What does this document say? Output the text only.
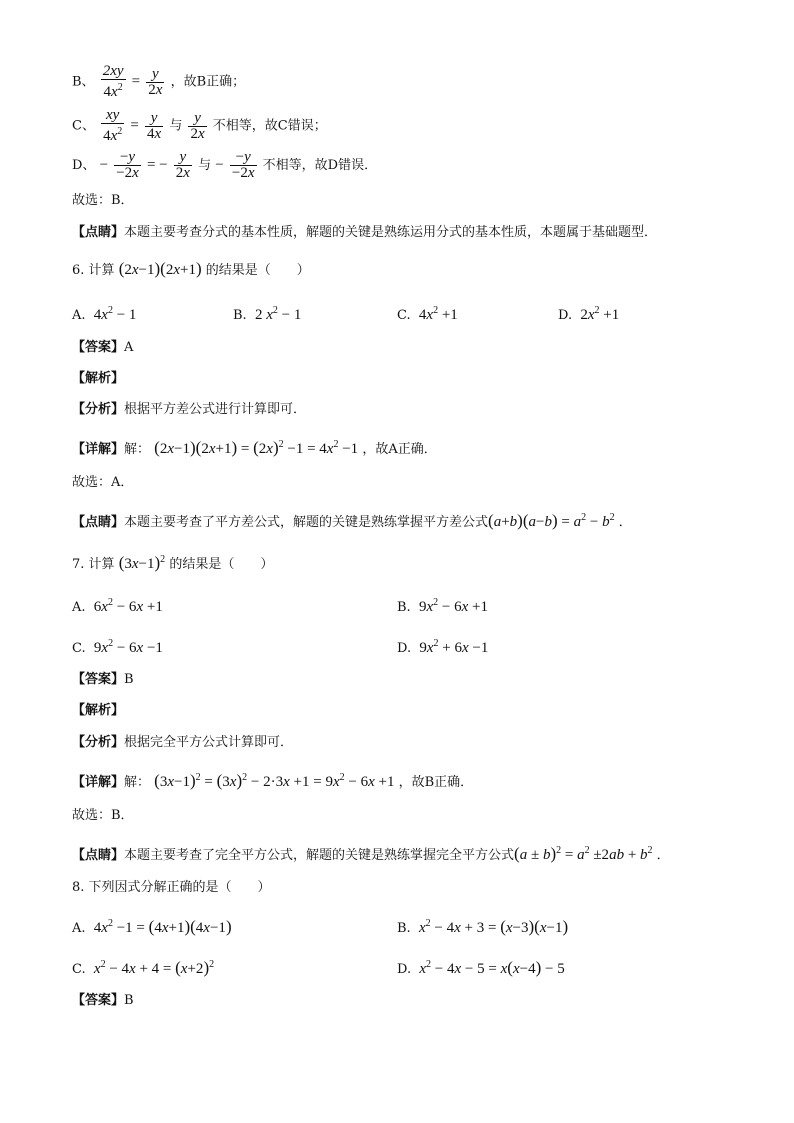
B、 $\frac{2xy}{4x^2} = \frac{y}{2x}$ ，故B正确；
C、 $\frac{xy}{4x^2} = \frac{y}{4x}$ 与 $\frac{y}{2x}$ 不相等，故C错误；
D、 − $\frac{-y}{-2x}$ = − $\frac{y}{2x}$ 与 − $\frac{-y}{-2x}$ 不相等，故D错误．
故选：B．
【点睛】本题主要考查分式的基本性质，解题的关键是熟练运用分式的基本性质，本题属于基础题型．
6. 计算 (2x−1)(2x+1) 的结果是（　　）
A. $4x^2 - 1$	B. 2 $x^2 - 1$	C. $4x^2 +1$	D. $2x^2 +1$
【答案】A
【解析】
【分析】根据平方差公式进行计算即可．
【详解】解： $(2x-1)(2x+1) = (2x)^2 -1 = 4x^2 -1$ ，故A正确．
故选：A．
【点睛】本题主要考查了平方差公式，解题的关键是熟练掌握平方差公式$(a+b)(a-b) = a^2 - b^2$ ．
7. 计算 $(3x-1)^2$ 的结果是（　　）
A. $6x^2 - 6x +1$	B. $9x^2 - 6x +1$
C. $9x^2 - 6x -1$	D. $9x^2 + 6x -1$
【答案】B
【解析】
【分析】根据完全平方公式计算即可．
【详解】解： $(3x-1)^2 = (3x)^2 - 2\cdot 3x +1 = 9x^2 - 6x +1$ ，故B正确．
故选：B．
【点睛】本题主要考查了完全平方公式，解题的关键是熟练掌握完全平方公式$(a \pm b)^2 = a^2 \pm 2ab + b^2$ ．
8. 下列因式分解正确的是（　　）
A. $4x^2 -1 = (4x+1)(4x-1)$	B. $x^2 - 4x + 3 = (x-3)(x-1)$
C. $x^2 - 4x + 4 = (x+2)^2$	D. $x^2 - 4x - 5 = x(x-4) - 5$
【答案】B
